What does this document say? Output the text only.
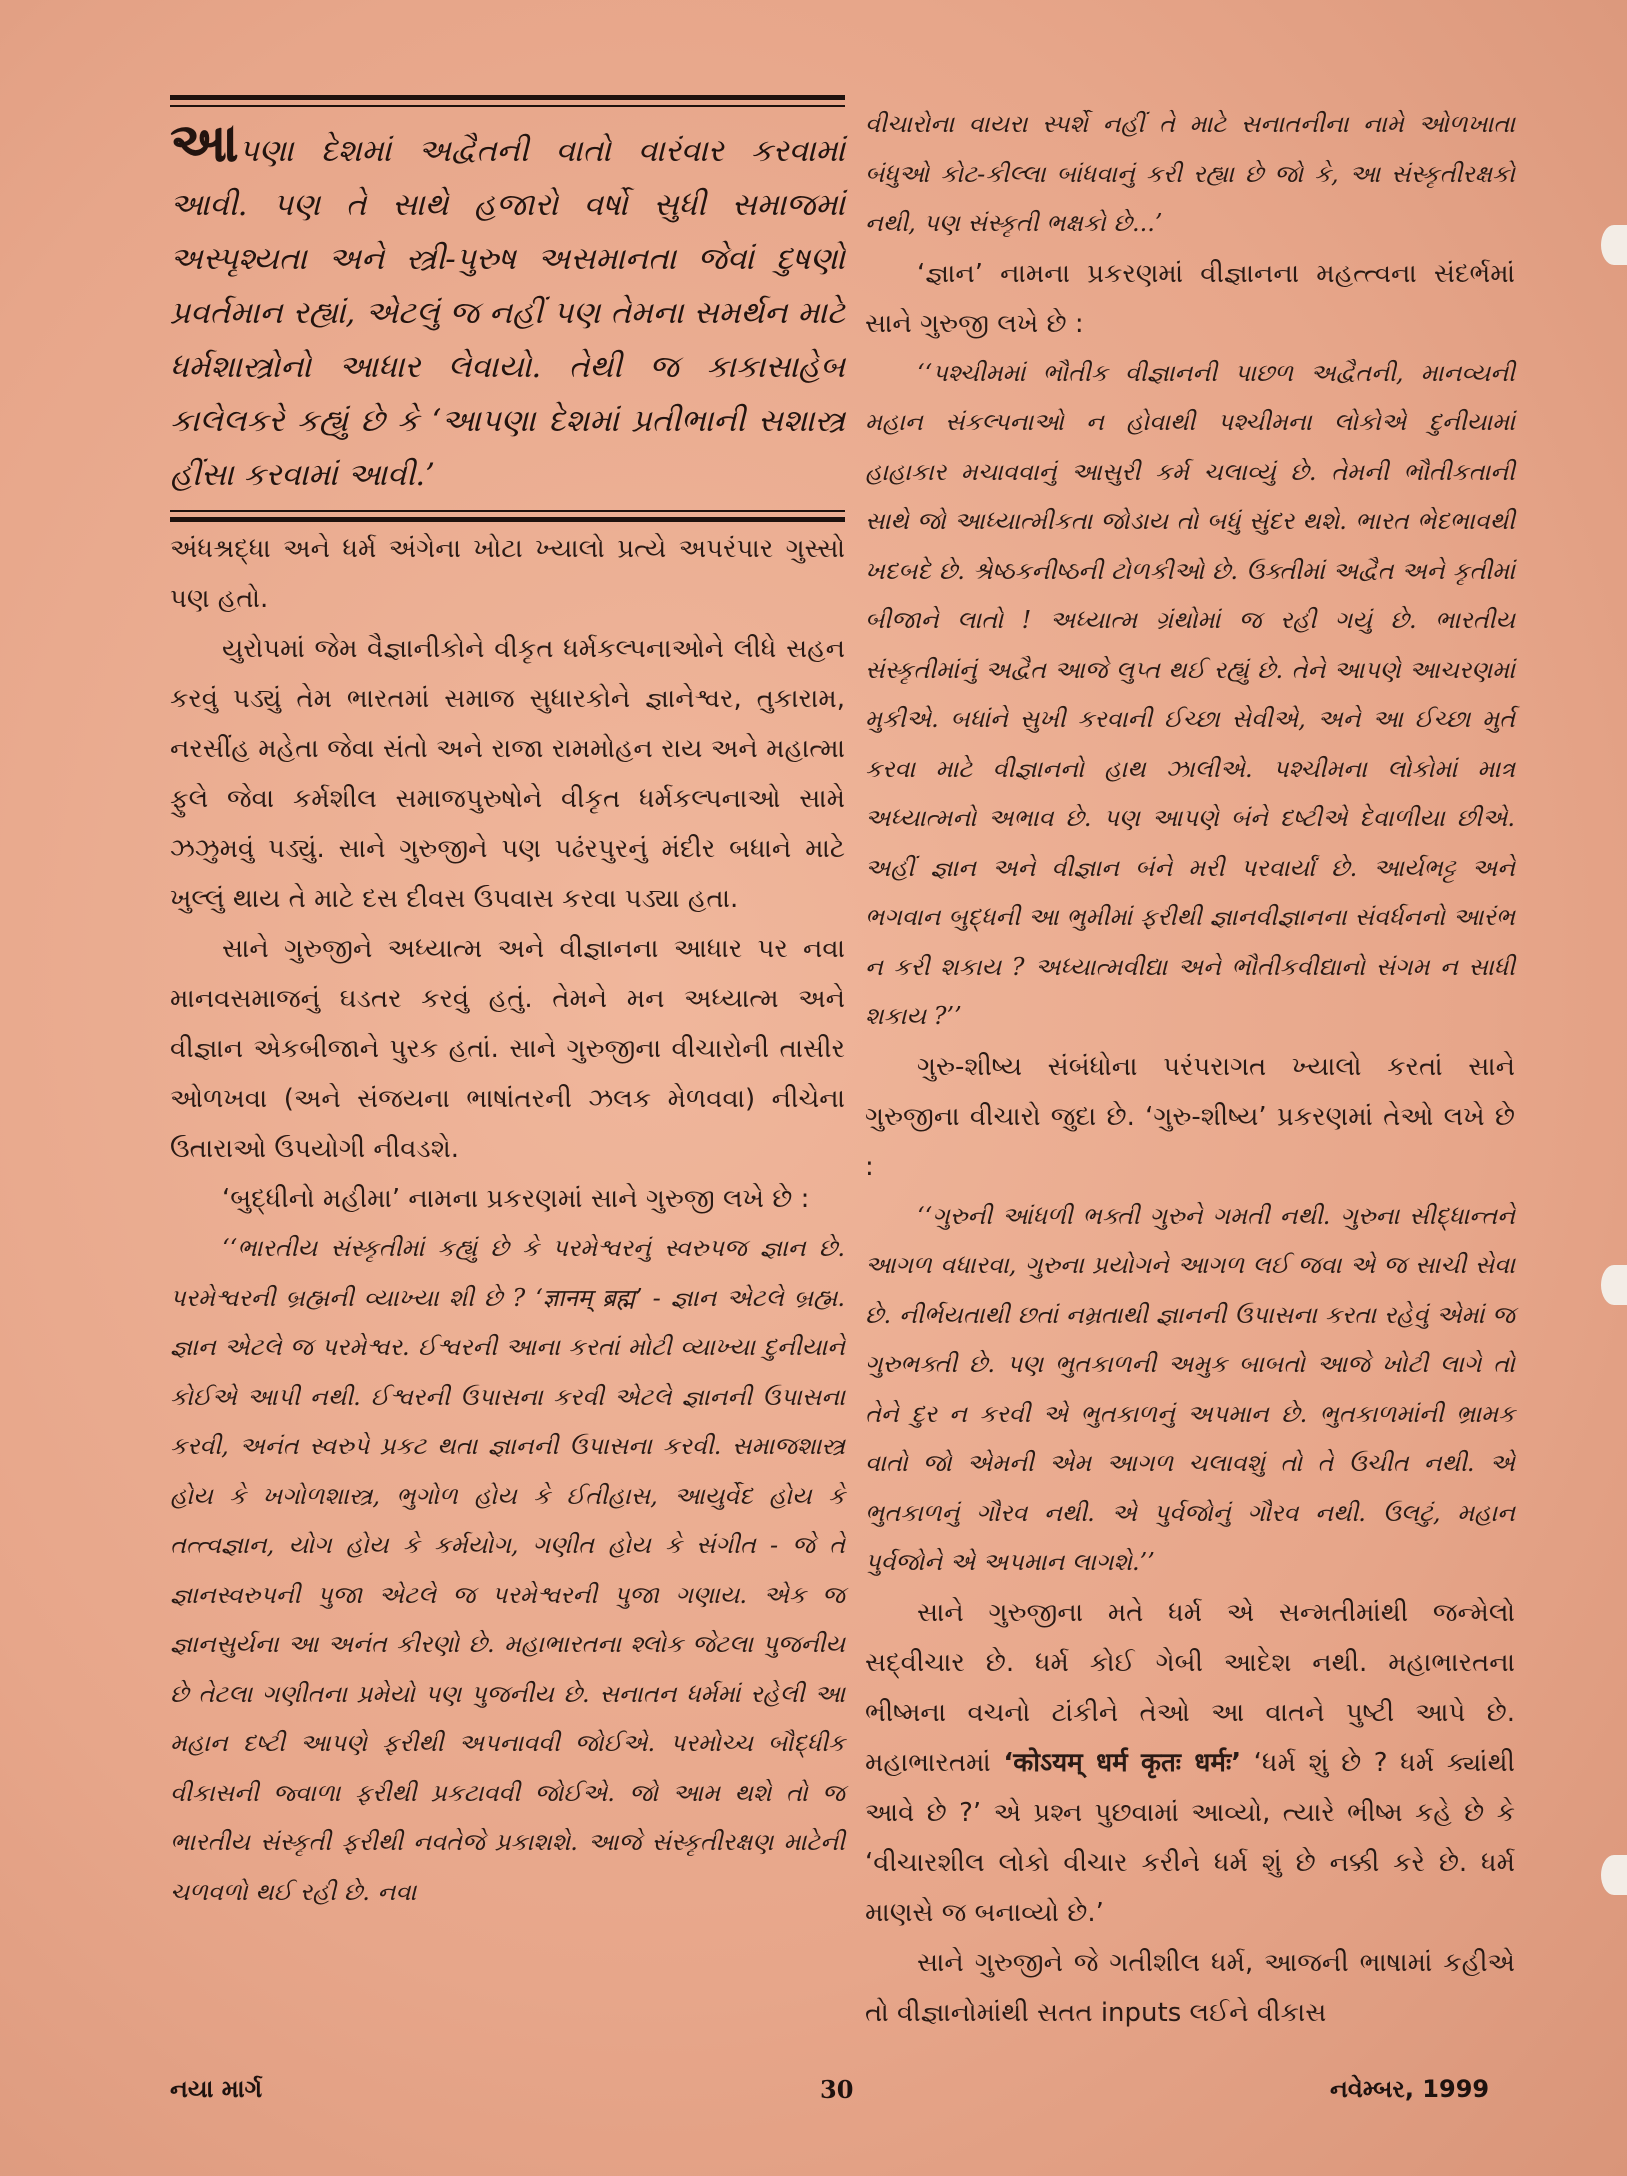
આપણા દેશમાં અદ્વૈતની વાતો વારંવાર કરવામાં આવી. પણ તે સાથે હજારો વર્ષો સુધી સમાજમાં અસ્પૃશ્યતા અને સ્ત્રી-પુરુષ અસમાનતા જેવાં દુષણો પ્રવર્તમાન રહ્યાં, એટલું જ નહીં પણ તેમના સમર્થન માટે ધર્મશાસ્ત્રોનો આધાર લેવાયો. તેથી જ કાકાસાહેબ કાલેલકરે કહ્યું છે કે ‘આપણા દેશમાં પ્રતીભાની સશાસ્ત્ર હીંસા કરવામાં આવી.’

અંધશ્રદ્ધા અને ધર્મ અંગેના ખોટા ખ્યાલો પ્રત્યે અપરંપાર ગુસ્સો પણ હતો.

યુરોપમાં જેમ વૈજ્ઞાનીકોને વીકૃત ધર્મકલ્પનાઓને લીધે સહન કરવું પડ્યું તેમ ભારતમાં સમાજ સુધારકોને જ્ઞાનેશ્વર, તુકારામ, નરસીંહ મહેતા જેવા સંતો અને રાજા રામમોહન રાય અને મહાત્મા ફુલે જેવા કર્મશીલ સમાજપુરુષોને વીકૃત ધર્મકલ્પનાઓ સામે ઝઝુમવું પડ્યું. સાને ગુરુજીને પણ પઢંરપુરનું મંદીર બધાને માટે ખુલ્લું થાય તે માટે દસ દીવસ ઉપવાસ કરવા પડ્યા હતા.

સાને ગુરુજીને અધ્યાત્મ અને વીજ્ઞાનના આધાર પર નવા માનવસમાજનું ઘડતર કરવું હતું. તેમને મન અધ્યાત્મ અને વીજ્ઞાન એકબીજાને પુરક હતાં. સાને ગુરુજીના વીચારોની તાસીર ઓળખવા (અને સંજયના ભાષાંતરની ઝલક મેળવવા) નીચેના ઉતારાઓ ઉપયોગી નીવડશે.

‘બુદ્ધીનો મહીમા’ નામના પ્રકરણમાં સાને ગુરુજી લખે છે :

‘‘ભારતીય સંસ્કૃતીમાં કહ્યું છે કે પરમેશ્વરનું સ્વરુપજ જ્ઞાન છે. પરમેશ્વરની બ્રહ્મની વ્યાખ્યા શી છે ? ‘ज्ञानम् ब्रह्म’ - જ્ઞાન એટલે બ્રહ્મ. જ્ઞાન એટલે જ પરમેશ્વર. ઈશ્વરની આના કરતાં મોટી વ્યાખ્યા દુનીયાને કોઈએ આપી નથી. ઈશ્વરની ઉપાસના કરવી એટલે જ્ઞાનની ઉપાસના કરવી, અનંત સ્વરુપે પ્રકટ થતા જ્ઞાનની ઉપાસના કરવી. સમાજશાસ્ત્ર હોય કે ખગોળશાસ્ત્ર, ભુગોળ હોય કે ઈતીહાસ, આયુર્વેદ હોય કે તત્ત્વજ્ઞાન, યોગ હોય કે કર્મયોગ, ગણીત હોય કે સંગીત - જે તે જ્ઞાનસ્વરુપની પુજા એટલે જ પરમેશ્વરની પુજા ગણાય. એક જ જ્ઞાનસુર્યના આ અનંત કીરણો છે. મહાભારતના શ્લોક જેટલા પુજનીય છે તેટલા ગણીતના પ્રમેયો પણ પુજનીય છે. સનાતન ધર્મમાં રહેલી આ મહાન દષ્ટી આપણે ફરીથી અપનાવવી જોઈએ. પરમોચ્ચ બૌદ્ધીક વીકાસની જ્વાળા ફરીથી પ્રકટાવવી જોઈએ. જો આમ થશે તો જ ભારતીય સંસ્કૃતી ફરીથી નવતેજે પ્રકાશશે. આજે સંસ્કૃતીરક્ષણ માટેની ચળવળો થઈ રહી છે. નવા

વીચારોના વાયરા સ્પર્શે નહીં તે માટે સનાતનીના નામે ઓળખાતા બંધુઓ કોટ-કીલ્લા બાંધવાનું કરી રહ્યા છે જો કે, આ સંસ્કૃતીરક્ષકો નથી, પણ સંસ્કૃતી ભક્ષકો છે...’

‘જ્ઞાન’ નામના પ્રકરણમાં વીજ્ઞાનના મહત્ત્વના સંદર્ભમાં સાને ગુરુજી લખે છે :

‘‘પશ્ચીમમાં ભૌતીક વીજ્ઞાનની પાછળ અદ્વૈતની, માનવ્યની મહાન સંકલ્પનાઓ ન હોવાથી પશ્ચીમના લોકોએ દુનીયામાં હાહાકાર મચાવવાનું આસુરી કર્મ ચલાવ્યું છે. તેમની ભૌતીકતાની સાથે જો આધ્યાત્મીકતા જોડાય તો બધું સુંદર થશે. ભારત ભેદભાવથી ખદબદે છે. શ્રેષ્ઠકનીષ્ઠની ટોળકીઓ છે. ઉક્તીમાં અદ્વૈત અને કૃતીમાં બીજાને લાતો ! અધ્યાત્મ ગ્રંથોમાં જ રહી ગયું છે. ભારતીય સંસ્કૃતીમાંનું અદ્વૈત આજે લુપ્ત થઈ રહ્યું છે. તેને આપણે આચરણમાં મુકીએ. બધાંને સુખી કરવાની ઈચ્છા સેવીએ, અને આ ઈચ્છા મુર્ત કરવા માટે વીજ્ઞાનનો હાથ ઝાલીએ. પશ્ચીમના લોકોમાં માત્ર અધ્યાત્મનો અભાવ છે. પણ આપણે બંને દષ્ટીએ દેવાળીયા છીએ. અહીં જ્ઞાન અને વીજ્ઞાન બંને મરી પરવાર્યાં છે. આર્યભટ્ટ અને ભગવાન બુદ્ધની આ ભુમીમાં ફરીથી જ્ઞાનવીજ્ઞાનના સંવર્ધનનો આરંભ ન કરી શકાય ? અધ્યાત્મવીદ્યા અને ભૌતીકવીદ્યાનો સંગમ ન સાધી શકાય ?’’

ગુરુ-શીષ્ય સંબંધોના પરંપરાગત ખ્યાલો કરતાં સાને ગુરુજીના વીચારો જુદા છે. ‘ગુરુ-શીષ્ય’ પ્રકરણમાં તેઓ લખે છે :

‘‘ગુરુની આંધળી ભક્તી ગુરુને ગમતી નથી. ગુરુના સીદ્ધાન્તને આગળ વધારવા, ગુરુના પ્રયોગને આગળ લઈ જવા એ જ સાચી સેવા છે. નીર્ભયતાથી છતાં નમ્રતાથી જ્ઞાનની ઉપાસના કરતા રહેવું એમાં જ ગુરુભક્તી છે. પણ ભુતકાળની અમુક બાબતો આજે ખોટી લાગે તો તેને દુર ન કરવી એ ભુતકાળનું અપમાન છે. ભુતકાળમાંની ભ્રામક વાતો જો એમની એમ આગળ ચલાવશું તો તે ઉચીત નથી. એ ભુતકાળનું ગૌરવ નથી. એ પુર્વજોનું ગૌરવ નથી. ઉલટું, મહાન પુર્વજોને એ અપમાન લાગશે.’’

સાને ગુરુજીના મતે ધર્મ એ સન્મતીમાંથી જન્મેલો સદ્‌વીચાર છે. ધર્મ કોઈ ગેબી આદેશ નથી. મહાભારતના ભીષ્મના વચનો ટાંકીને તેઓ આ વાતને પુષ્ટી આપે છે. મહાભારતમાં ‘कोऽयम् धर्म कृतः धर्मः’ ‘ધર્મ શું છે ? ધર્મ ક્યાંથી આવે છે ?’ એ પ્રશ્ન પુછવામાં આવ્યો, ત્યારે ભીષ્મ કહે છે કે ‘વીચારશીલ લોકો વીચાર કરીને ધર્મ શું છે નક્કી કરે છે. ધર્મ માણસે જ બનાવ્યો છે.’

સાને ગુરુજીને જે ગતીશીલ ધર્મ, આજની ભાષામાં કહીએ તો વીજ્ઞાનોમાંથી સતત inputs લઈને વીકાસ

નયા માર્ગ	30	નવેમ્બર, 1999
